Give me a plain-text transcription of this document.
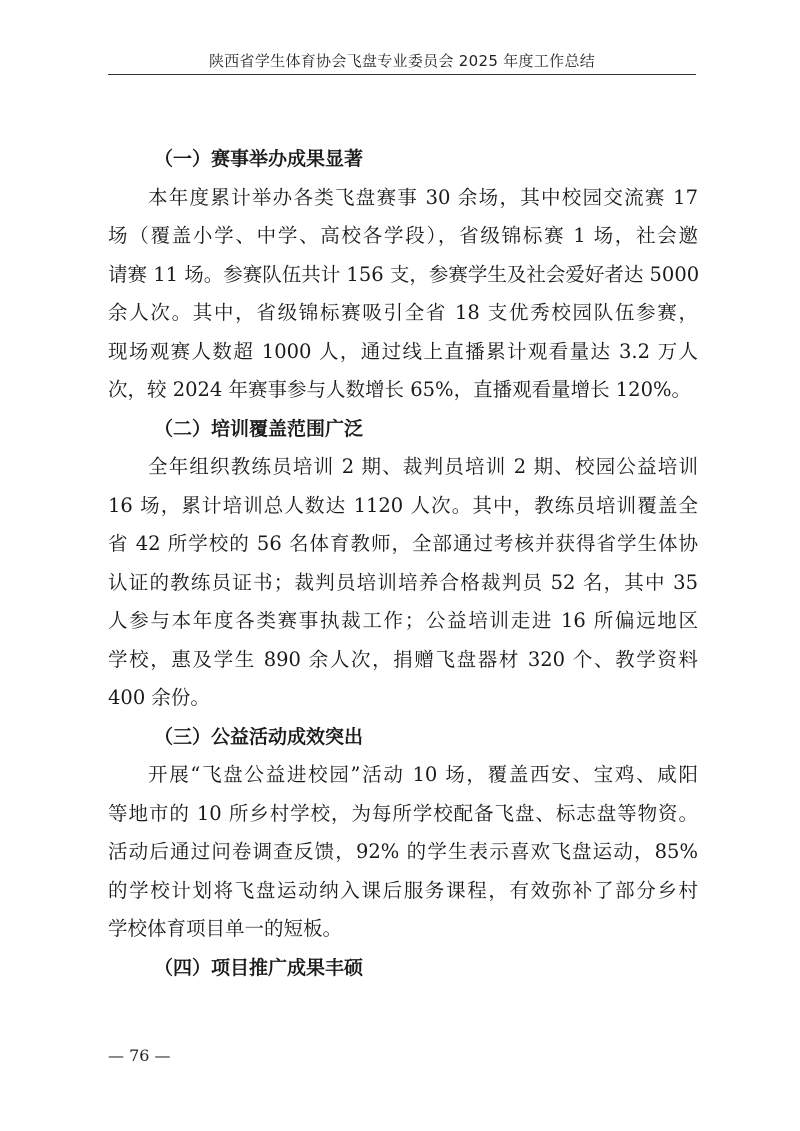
陕西省学生体育协会飞盘专业委员会 2025 年度工作总结
（一）赛事举办成果显著
本年度累计举办各类飞盘赛事 30 余场，其中校园交流赛 17
场（覆盖小学、中学、高校各学段），省级锦标赛 1 场，社会邀
请赛 11 场。参赛队伍共计 156 支，参赛学生及社会爱好者达 5000
余人次。其中，省级锦标赛吸引全省 18 支优秀校园队伍参赛，
现场观赛人数超 1000 人，通过线上直播累计观看量达 3.2 万人
次，较 2024 年赛事参与人数增长 65%，直播观看量增长 120%。
（二）培训覆盖范围广泛
全年组织教练员培训 2 期、裁判员培训 2 期、校园公益培训
16 场，累计培训总人数达 1120 人次。其中，教练员培训覆盖全
省 42 所学校的 56 名体育教师，全部通过考核并获得省学生体协
认证的教练员证书；裁判员培训培养合格裁判员 52 名，其中 35
人参与本年度各类赛事执裁工作；公益培训走进 16 所偏远地区
学校，惠及学生 890 余人次，捐赠飞盘器材 320 个、教学资料
400 余份。
（三）公益活动成效突出
开展“飞盘公益进校园”活动 10 场，覆盖西安、宝鸡、咸阳
等地市的 10 所乡村学校，为每所学校配备飞盘、标志盘等物资。
活动后通过问卷调查反馈，92% 的学生表示喜欢飞盘运动，85%
的学校计划将飞盘运动纳入课后服务课程，有效弥补了部分乡村
学校体育项目单一的短板。
（四）项目推广成果丰硕
— 76 —
